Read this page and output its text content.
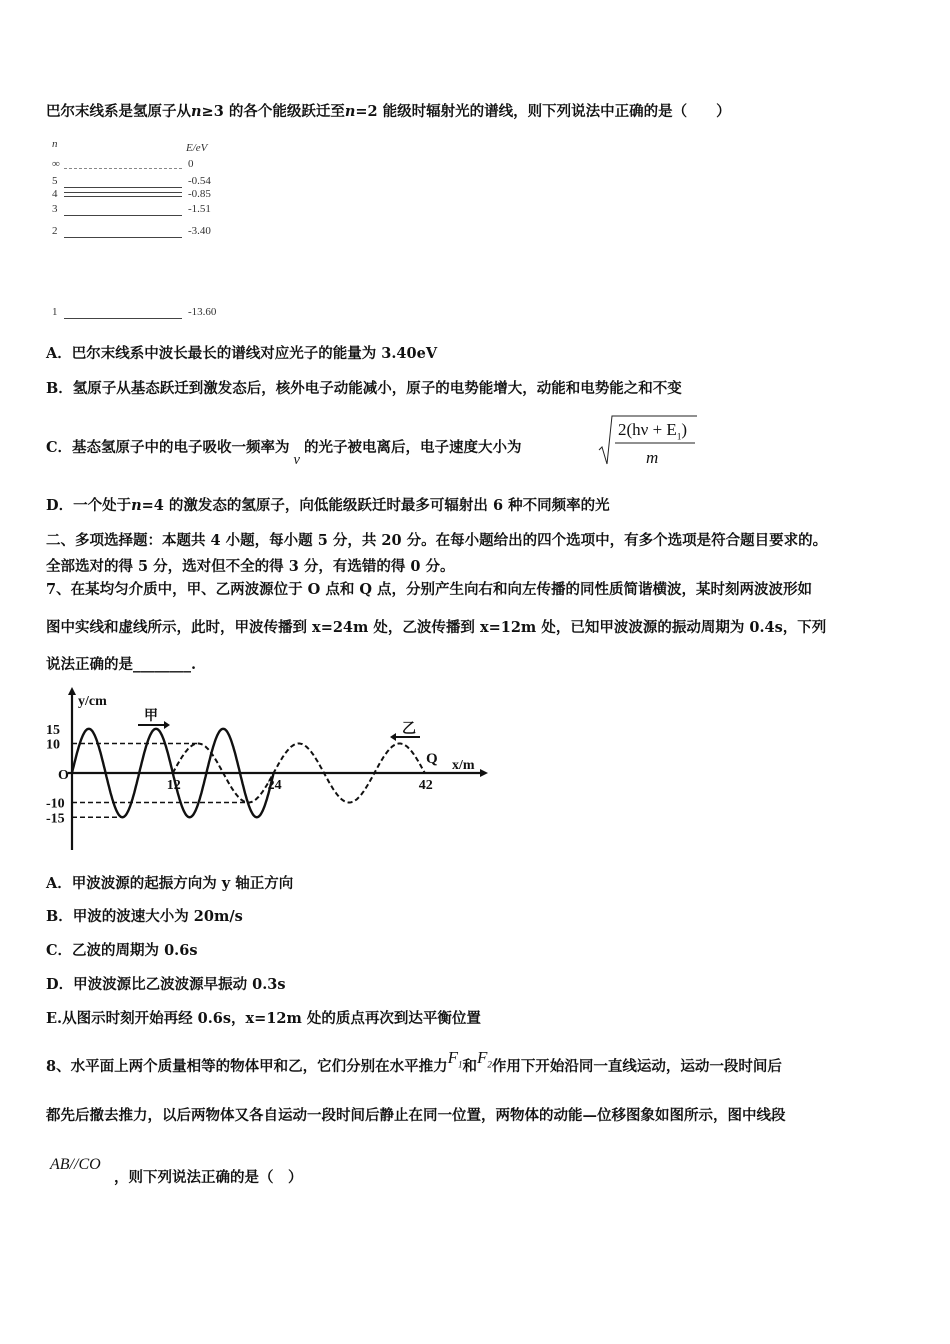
巴尔末线系是氢原子从n≥3 的各个能级跃迁至n=2 能级时辐射光的谱线，则下列说法中正确的是（　　）
n	E/eV
∞	0
5	-0.54
4	-0.85
3	-1.51
2	-3.40
1	-13.60
A．巴尔末线系中波长最长的谱线对应光子的能量为 3.40eV
B．氢原子从基态跃迁到激发态后，核外电子动能减小，原子的电势能增大，动能和电势能之和不变
C．基态氢原子中的电子吸收一频率为ν的光子被电离后，电子速度大小为
$2(h\nu + E_1)$
m
D．一个处于n=4 的激发态的氢原子，向低能级跃迁时最多可辐射出 6 种不同频率的光
二、多项选择题：本题共 4 小题，每小题 5 分，共 20 分。在每小题给出的四个选项中，有多个选项是符合题目要求的。
全部选对的得 5 分，选对但不全的得 3 分，有选错的得 0 分。
7、在某均匀介质中，甲、乙两波源位于 O 点和 Q 点，分别产生向右和向左传播的同性质简谐横波，某时刻两波波形如
图中实线和虚线所示，此时，甲波传播到 x=24m 处，乙波传播到 x=12m 处，已知甲波波源的振动周期为 0.4s，下列
说法正确的是________.
y/cm
x/m
O
Q
甲
乙
15
10
-10
-15
12	24	42
A．甲波波源的起振方向为 y 轴正方向
B．甲波的波速大小为 20m/s
C．乙波的周期为 0.6s
D．甲波波源比乙波波源早振动 0.3s
E.从图示时刻开始再经 0.6s，x=12m 处的质点再次到达平衡位置
8、水平面上两个质量相等的物体甲和乙，它们分别在水平推力$F_1$和$F_2$作用下开始沿同一直线运动，运动一段时间后
都先后撤去推力，以后两物体又各自运动一段时间后静止在同一位置，两物体的动能—位移图象如图所示，图中线段
AB//CO
，则下列说法正确的是（　）
